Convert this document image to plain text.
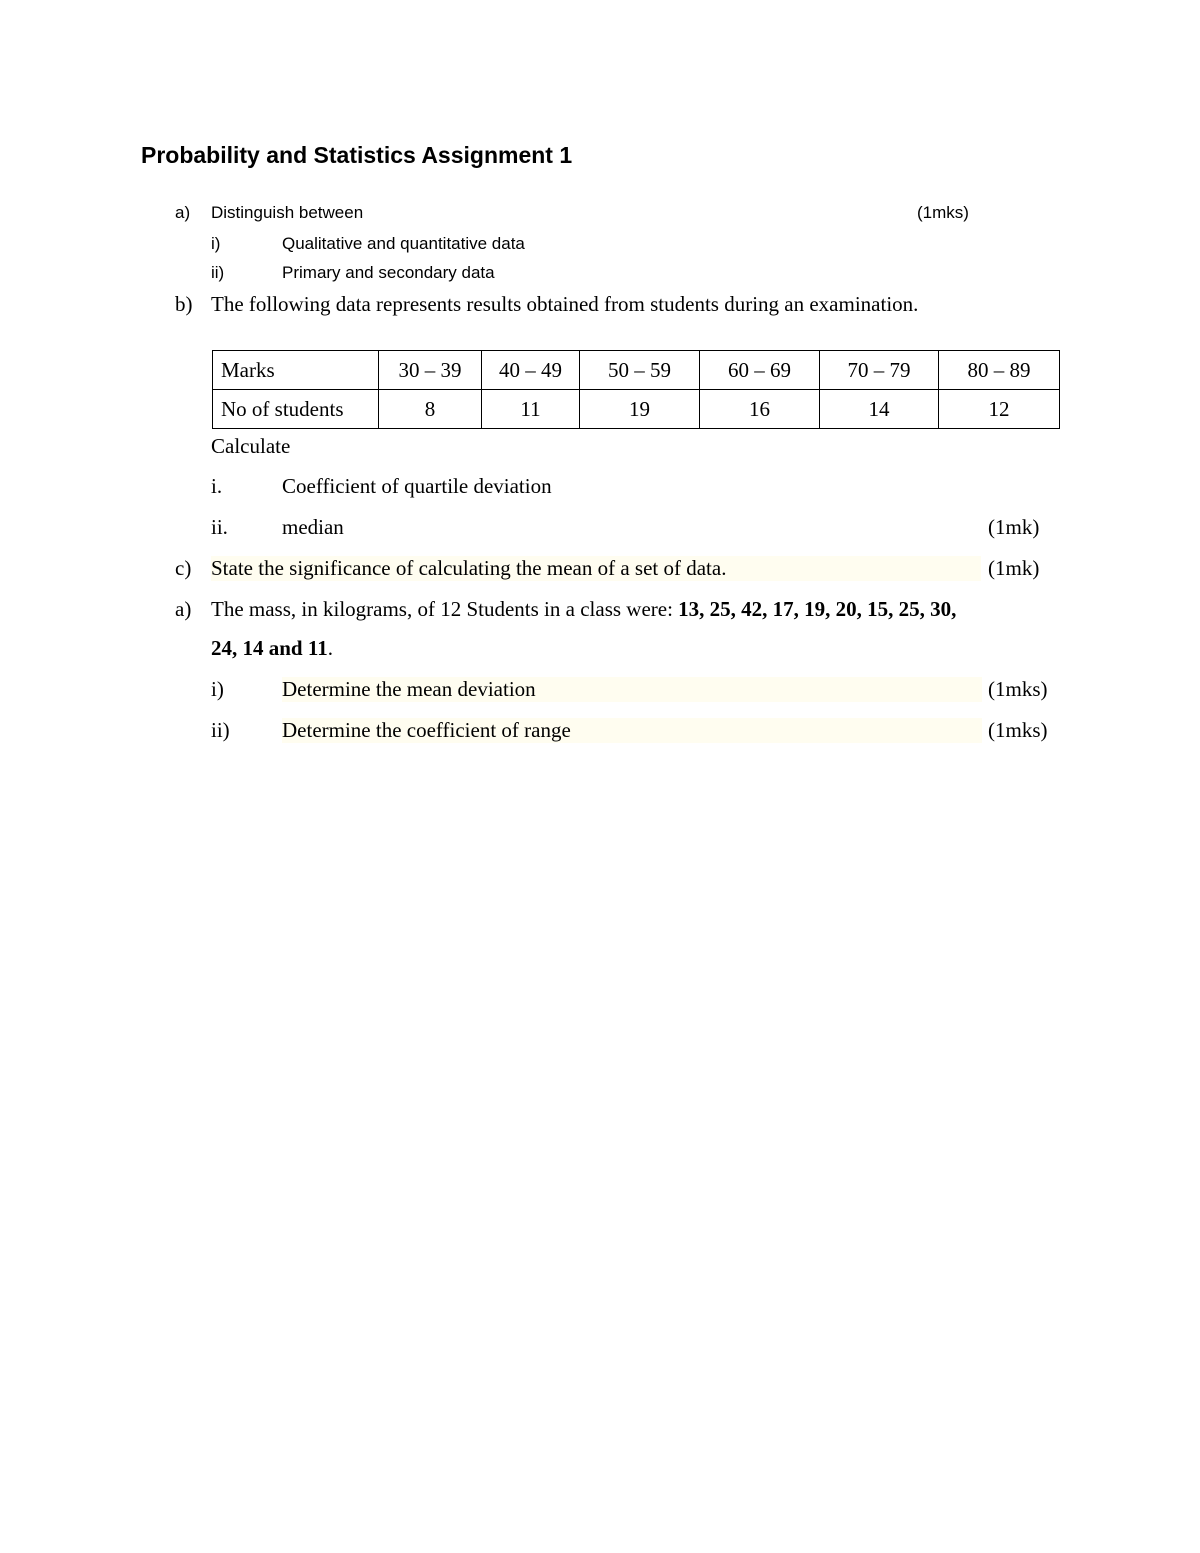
Probability and Statistics Assignment 1
a) Distinguish between	(1mks)
i)	Qualitative and quantitative data
ii)	Primary and secondary data
b) The following data represents results obtained from students during an examination.
Marks	30 – 39	40 – 49	50 – 59	60 – 69	70 – 79	80 – 89
No of students	8	11	19	16	14	12
Calculate
i.	Coefficient of quartile deviation
ii.	median	(1mk)
c) State the significance of calculating the mean of a set of data.	(1mk)
a) The mass, in kilograms, of 12 Students in a class were: 13, 25, 42, 17, 19, 20, 15, 25, 30,
24, 14 and 11.
i)	Determine the mean deviation	(1mks)
ii) Determine the coefficient of range	(1mks)
